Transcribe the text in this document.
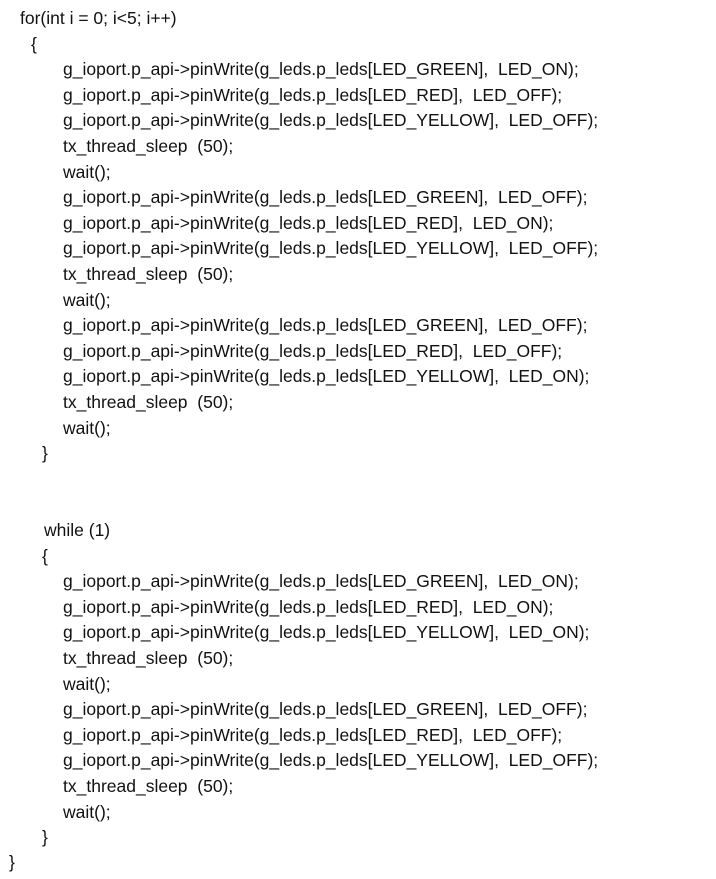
for(int i = 0; i<5; i++)
{
g_ioport.p_api->pinWrite(g_leds.p_leds[LED_GREEN],  LED_ON);
g_ioport.p_api->pinWrite(g_leds.p_leds[LED_RED],  LED_OFF);
g_ioport.p_api->pinWrite(g_leds.p_leds[LED_YELLOW],  LED_OFF);
tx_thread_sleep  (50);
wait();
g_ioport.p_api->pinWrite(g_leds.p_leds[LED_GREEN],  LED_OFF);
g_ioport.p_api->pinWrite(g_leds.p_leds[LED_RED],  LED_ON);
g_ioport.p_api->pinWrite(g_leds.p_leds[LED_YELLOW],  LED_OFF);
tx_thread_sleep  (50);
wait();
g_ioport.p_api->pinWrite(g_leds.p_leds[LED_GREEN],  LED_OFF);
g_ioport.p_api->pinWrite(g_leds.p_leds[LED_RED],  LED_OFF);
g_ioport.p_api->pinWrite(g_leds.p_leds[LED_YELLOW],  LED_ON);
tx_thread_sleep  (50);
wait();
}
while (1)
{
g_ioport.p_api->pinWrite(g_leds.p_leds[LED_GREEN],  LED_ON);
g_ioport.p_api->pinWrite(g_leds.p_leds[LED_RED],  LED_ON);
g_ioport.p_api->pinWrite(g_leds.p_leds[LED_YELLOW],  LED_ON);
tx_thread_sleep  (50);
wait();
g_ioport.p_api->pinWrite(g_leds.p_leds[LED_GREEN],  LED_OFF);
g_ioport.p_api->pinWrite(g_leds.p_leds[LED_RED],  LED_OFF);
g_ioport.p_api->pinWrite(g_leds.p_leds[LED_YELLOW],  LED_OFF);
tx_thread_sleep  (50);
wait();
}
}
